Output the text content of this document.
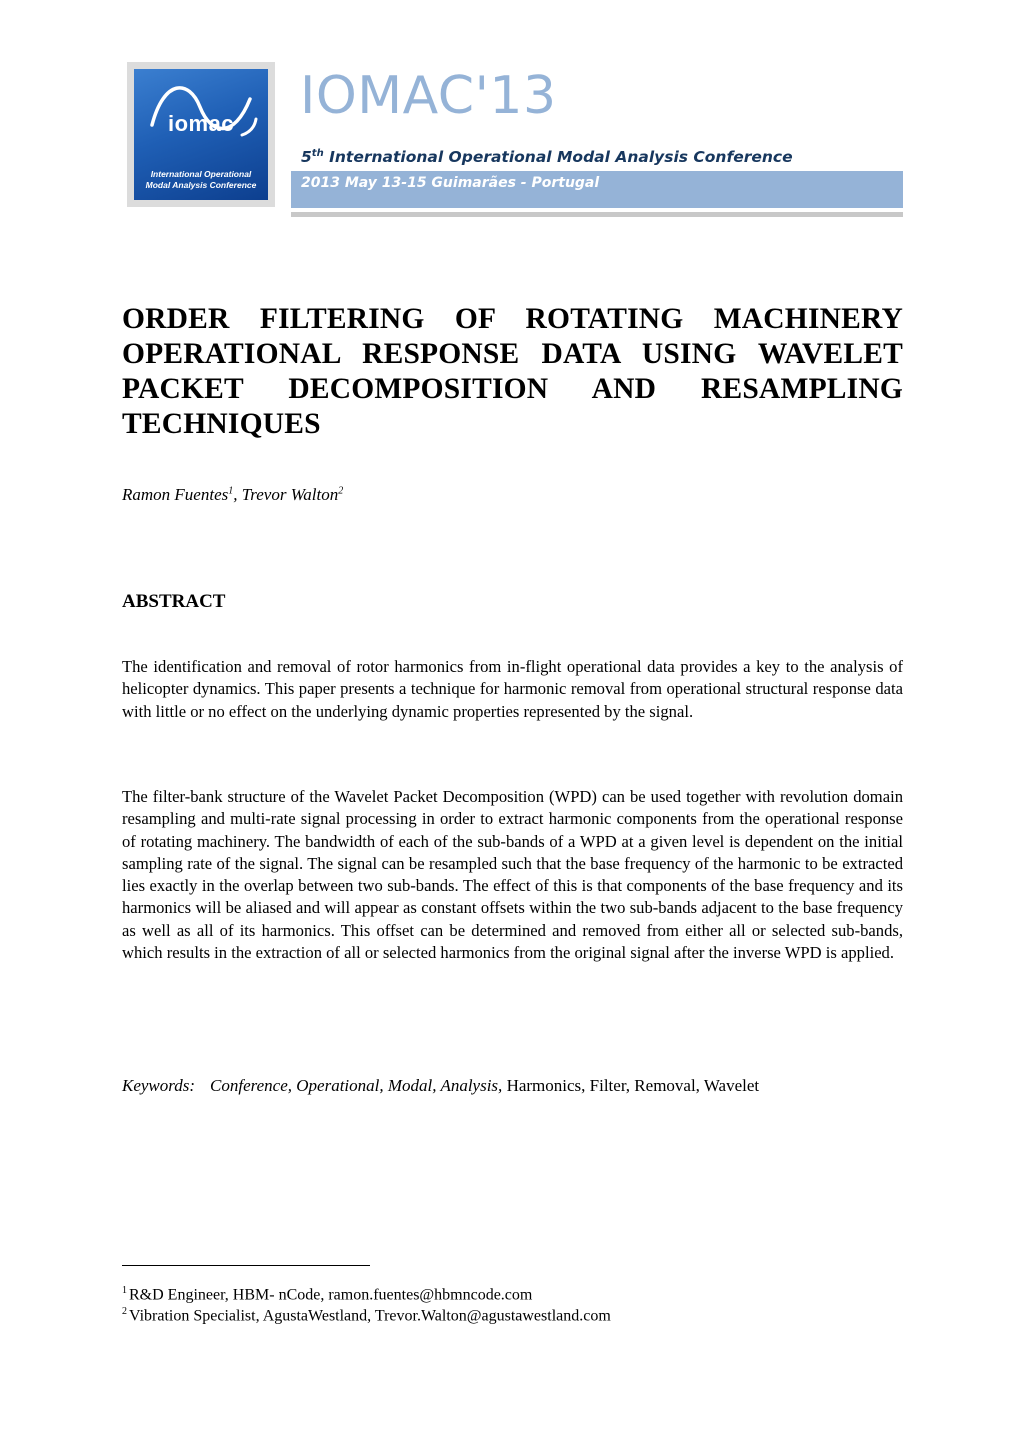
iomac
International Operational
Modal Analysis Conference
IOMAC'13
5th International Operational Modal Analysis Conference
2013 May 13-15 Guimarães - Portugal
ORDER FILTERING OF ROTATING MACHINERY OPERATIONAL RESPONSE DATA USING WAVELET PACKET DECOMPOSITION AND RESAMPLING TECHNIQUES
Ramon Fuentes$^1$, Trevor Walton$^2$
ABSTRACT

The identification and removal of rotor harmonics from in-flight operational data provides a key to the analysis of helicopter dynamics. This paper presents a technique for harmonic removal from operational structural response data with little or no effect on the underlying dynamic properties represented by the signal.

The filter-bank structure of the Wavelet Packet Decomposition (WPD) can be used together with revolution domain resampling and multi-rate signal processing in order to extract harmonic components from the operational response of rotating machinery. The bandwidth of each of the sub-bands of a WPD at a given level is dependent on the initial sampling rate of the signal. The signal can be resampled such that the base frequency of the harmonic to be extracted lies exactly in the overlap between two sub-bands. The effect of this is that components of the base frequency and its harmonics will be aliased and will appear as constant offsets within the two sub-bands adjacent to the base frequency as well as all of its harmonics. This offset can be determined and removed from either all or selected sub-bands, which results in the extraction of all or selected harmonics from the original signal after the inverse WPD is applied.

Keywords: Conference, Operational, Modal, Analysis, Harmonics, Filter, Removal, Wavelet

$^1$ R&D Engineer, HBM- nCode, ramon.fuentes@hbmncode.com

$^2$ Vibration Specialist, AgustaWestland, Trevor.Walton@agustawestland.com
